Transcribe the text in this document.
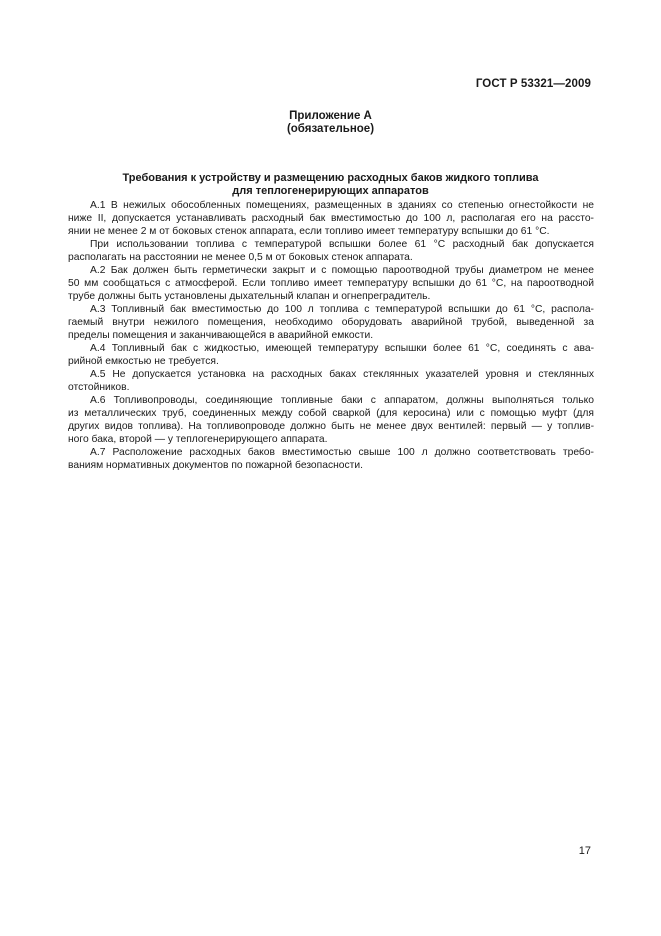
ГОСТ Р 53321—2009
Приложение А
(обязательное)
Требования к устройству и размещению расходных баков жидкого топлива
для теплогенерирующих аппаратов
А.1 В нежилых обособленных помещениях, размещенных в зданиях со степенью огнестойкости не
ниже II, допускается устанавливать расходный бак вместимостью до 100 л, располагая его на рассто-
янии не менее 2 м от боковых стенок аппарата, если топливо имеет температуру вспышки до 61 °С.
При использовании топлива с температурой вспышки более 61 °С расходный бак допускается
располагать на расстоянии не менее 0,5 м от боковых стенок аппарата.
А.2 Бак должен быть герметически закрыт и с помощью пароотводной трубы диаметром не менее
50 мм сообщаться с атмосферой. Если топливо имеет температуру вспышки до 61 °С, на пароотводной
трубе должны быть установлены дыхательный клапан и огнепреградитель.
А.3 Топливный бак вместимостью до 100 л топлива с температурой вспышки до 61 °С, распола-
гаемый внутри нежилого помещения, необходимо оборудовать аварийной трубой, выведенной за
пределы помещения и заканчивающейся в аварийной емкости.
А.4 Топливный бак с жидкостью, имеющей температуру вспышки более 61 °С, соединять с ава-
рийной емкостью не требуется.
А.5 Не допускается установка на расходных баках стеклянных указателей уровня и стеклянных
отстойников.
А.6 Топливопроводы, соединяющие топливные баки с аппаратом, должны выполняться только
из металлических труб, соединенных между собой сваркой (для керосина) или с помощью муфт (для
других видов топлива). На топливопроводе должно быть не менее двух вентилей: первый — у топлив-
ного бака, второй — у теплогенерирующего аппарата.
А.7 Расположение расходных баков вместимостью свыше 100 л должно соответствовать требо-
ваниям нормативных документов по пожарной безопасности.
17
